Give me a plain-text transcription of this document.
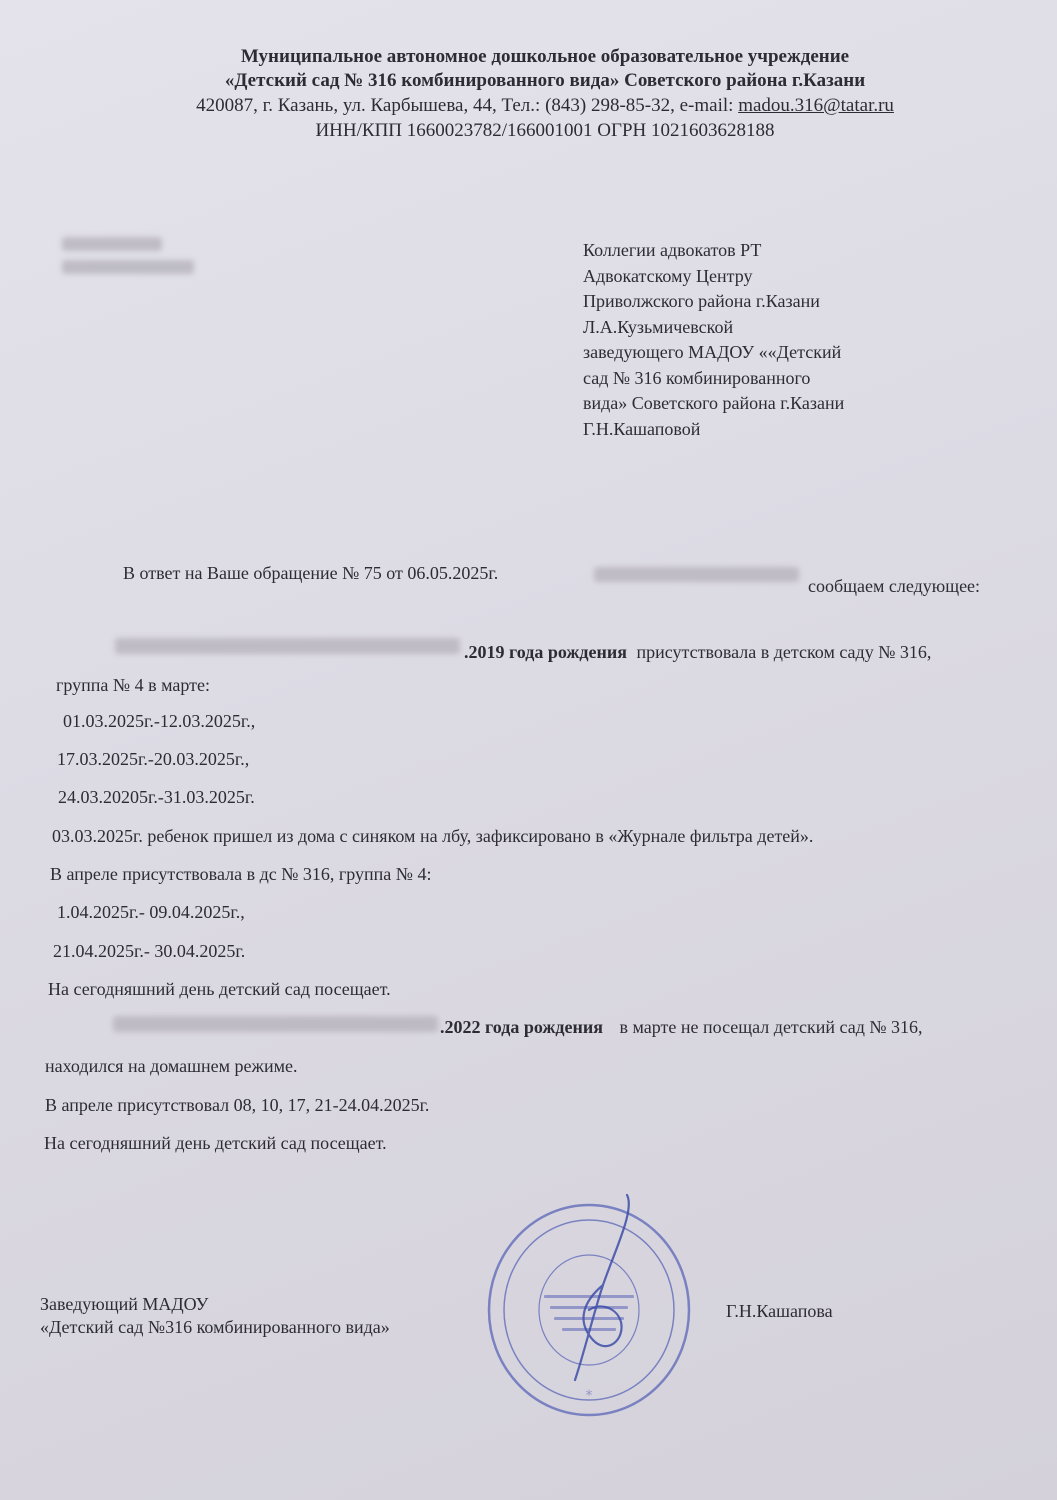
Муниципальное автономное дошкольное образовательное учреждение
«Детский сад № 316 комбинированного вида» Советского района г.Казани
420087, г. Казань, ул. Карбышева, 44, Тел.: (843) 298-85-32, e-mail: madou.316@tatar.ru
ИНН/КПП 1660023782/166001001 ОГРН 1021603628188
Коллегии адвокатов РТ
Адвокатскому Центру
Приволжского района г.Казани
Л.А.Кузьмичевской
заведующего МАДОУ ««Детский
сад № 316 комбинированного
вида» Советского района г.Казани
Г.Н.Кашаповой
В ответ на Ваше обращение № 75 от 06.05.2025г.
сообщаем следующее:
.2019 года рождения присутствовала в детском саду № 316,
группа № 4 в марте:
01.03.2025г.-12.03.2025г.,
17.03.2025г.-20.03.2025г.,
24.03.20205г.-31.03.2025г.
03.03.2025г. ребенок пришел из дома с синяком на лбу, зафиксировано в «Журнале фильтра детей».
В апреле присутствовала в дс № 316, группа № 4:
1.04.2025г.- 09.04.2025г.,
21.04.2025г.- 30.04.2025г.
На сегодняшний день детский сад посещает.
.2022 года рождения в марте не посещал детский сад № 316,
находился на домашнем режиме.
В апреле присутствовал 08, 10, 17, 21-24.04.2025г.
На сегодняшний день детский сад посещает.
Заведующий МАДОУ
«Детский сад №316 комбинированного вида»
Г.Н.Кашапова
*
